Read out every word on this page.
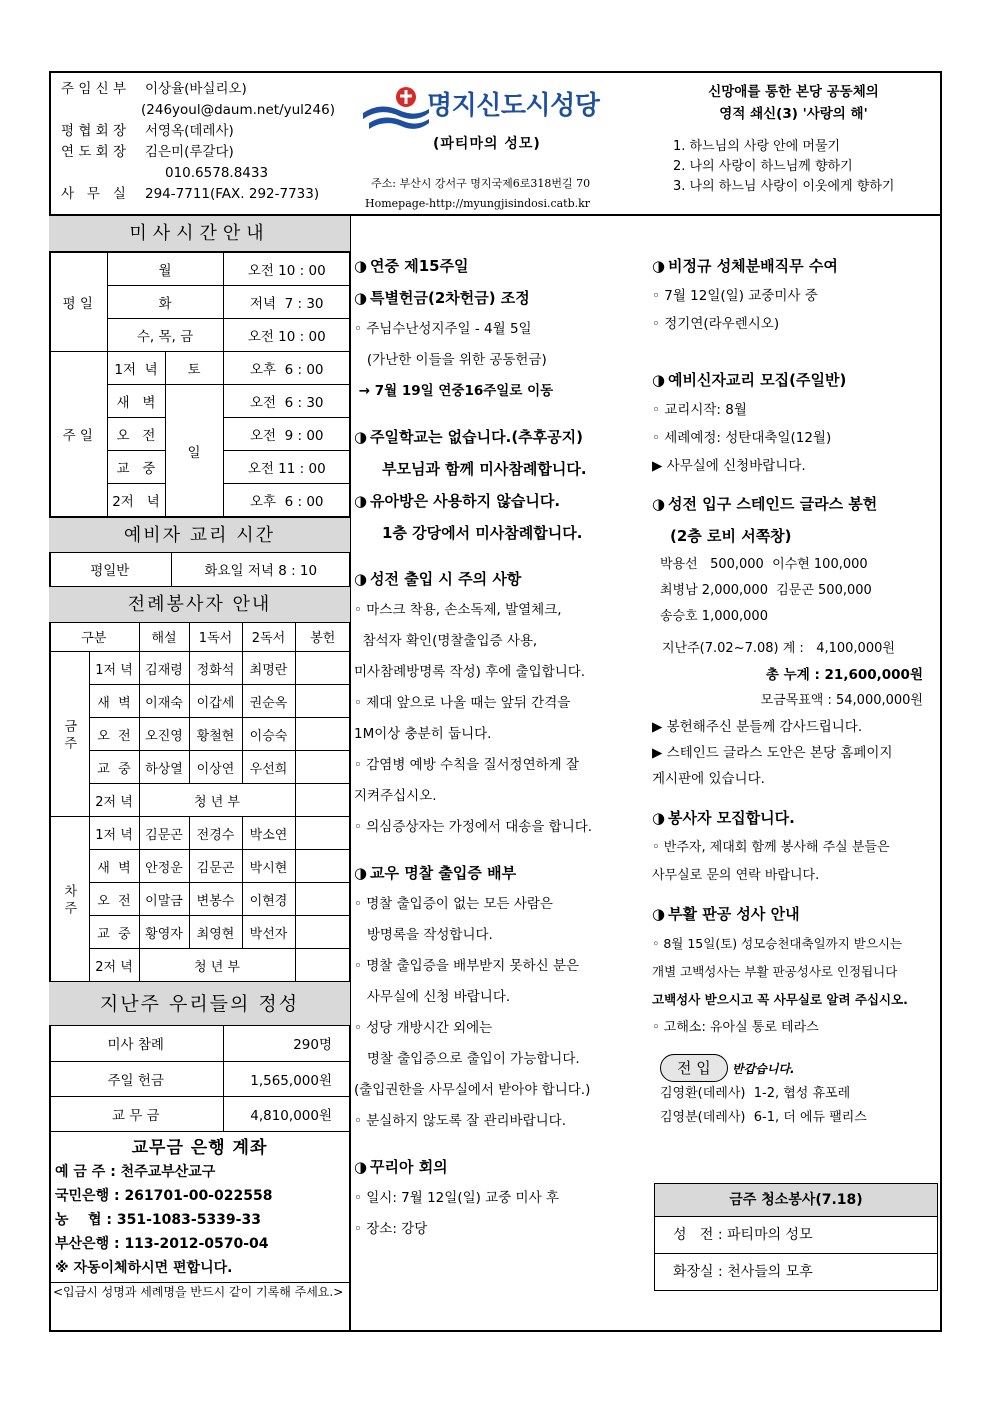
주 임 신 부 이상율(바실리오)
(246youl@daum.net/yul246)
평 협 회 장 서영옥(데레사)
연 도 회 장 김은미(루갈다)
010.6578.8433
사   무   실 294-7711(FAX. 292-7733)
명지신도시성당
(파티마의 성모)
주소: 부산시 강서구 명지국제6로318번길 70
Homepage-http://myungjisindosi.catb.kr
신망애를 통한 본당 공동체의
영적 쇄신(3) '사랑의 해'
1. 하느님의 사랑 안에 머물기
2. 나의 사랑이 하느님께 향하기
3. 나의 하느님 사랑이 이웃에게 향하기
미사시간안내
평 일	월		오전 10 : 00
	화		저녁  7 : 30
	수, 목, 금		오전 10 : 00
주 일	1저  녁	토	오후  6 : 00
	새   벽	일	오전  6 : 30
	오   전		오전  9 : 00
	교   중		오전 11 : 00
	2저   녁		오후  6 : 00
예비자 교리 시간
평일반	화요일 저녁 8 : 10
전례봉사자 안내
구분		해설	1독서	2독서	봉헌
금 주	1저 녁	김재령	정화석	최명란	
	새  벽	이재숙	이갑세	권순옥	
	오  전	오진영	황철현	이승숙	
	교  중	하상열	이상연	우선희	
	2저 녁	청 년 부			
차 주	1저 녁	김문곤	전경수	박소연	
	새  벽	안정운	김문곤	박시현	
	오  전	이말금	변봉수	이현경	
	교  중	황영자	최영현	박선자	
	2저 녁	청 년 부			
지난주 우리들의 정성
미사 참례	290명
주일 헌금	1,565,000원
교 무 금	4,810,000원
교무금 은행 계좌
예 금 주 : 천주교부산교구
국민은행 : 261701-00-022558
농    협 : 351-1083-5339-33
부산은행 : 113-2012-0570-04
※ 자동이체하시면 편합니다.
<입금시 성명과 세례명을 반드시 같이 기록해 주세요.>
◑ 연중 제15주일
◑ 특별헌금(2차헌금) 조정
◦ 주님수난성지주일 - 4월 5일
(가난한 이들을 위한 공동헌금)
→ 7월 19일 연중16주일로 이동
◑ 주일학교는 없습니다.(추후공지)
부모님과 함께 미사참례합니다.
◑ 유아방은 사용하지 않습니다.
1층 강당에서 미사참례합니다.
◑ 성전 출입 시 주의 사항
◦ 마스크 착용, 손소독제, 발열체크,
참석자 확인(명찰출입증 사용,
미사참례방명록 작성) 후에 출입합니다.
◦ 제대 앞으로 나올 때는 앞뒤 간격을
1M이상 충분히 둡니다.
◦ 감염병 예방 수칙을 질서정연하게 잘
지켜주십시오.
◦ 의심증상자는 가정에서 대송을 합니다.
◑ 교우 명찰 출입증 배부
◦ 명찰 출입증이 없는 모든 사람은
방명록을 작성합니다.
◦ 명찰 출입증을 배부받지 못하신 분은
사무실에 신청 바랍니다.
◦ 성당 개방시간 외에는
명찰 출입증으로 출입이 가능합니다.
(출입권한을 사무실에서 받아야 합니다.)
◦ 분실하지 않도록 잘 관리바랍니다.
◑ 꾸리아 회의
◦ 일시: 7월 12일(일) 교중 미사 후
◦ 장소: 강당
◑ 비정규 성체분배직무 수여
◦ 7월 12일(일) 교중미사 중
◦ 정기연(라우렌시오)
◑ 예비신자교리 모집(주일반)
◦ 교리시작: 8월
◦ 세례예정: 성탄대축일(12월)
▶ 사무실에 신청바랍니다.
◑ 성전 입구 스테인드 글라스 봉헌
(2층 로비 서쪽창)
박용선   500,000  이수현 100,000
최병남 2,000,000  김문곤 500,000
송승호 1,000,000
지난주(7.02~7.08) 계 :   4,100,000원
총 누계 : 21,600,000원
모금목표액 : 54,000,000원
▶ 봉헌해주신 분들께 감사드립니다.
▶ 스테인드 글라스 도안은 본당 홈페이지
게시판에 있습니다.
◑ 봉사자 모집합니다.
◦ 반주자, 제대회 함께 봉사해 주실 분들은
사무실로 문의 연락 바랍니다.
◑ 부활 판공 성사 안내
◦ 8월 15일(토) 성모승천대축일까지 받으시는
개별 고백성사는 부활 판공성사로 인정됩니다
고백성사 받으시고 꼭 사무실로 알려 주십시오.
◦ 고해소: 유아실 통로 테라스
전 입 반갑습니다.
김영환(데레사)  1-2, 협성 휴포레
김영분(데레사)  6-1, 더 에듀 팰리스
금주 청소봉사(7.18)
성   전 : 파티마의 성모
화장실 : 천사들의 모후
